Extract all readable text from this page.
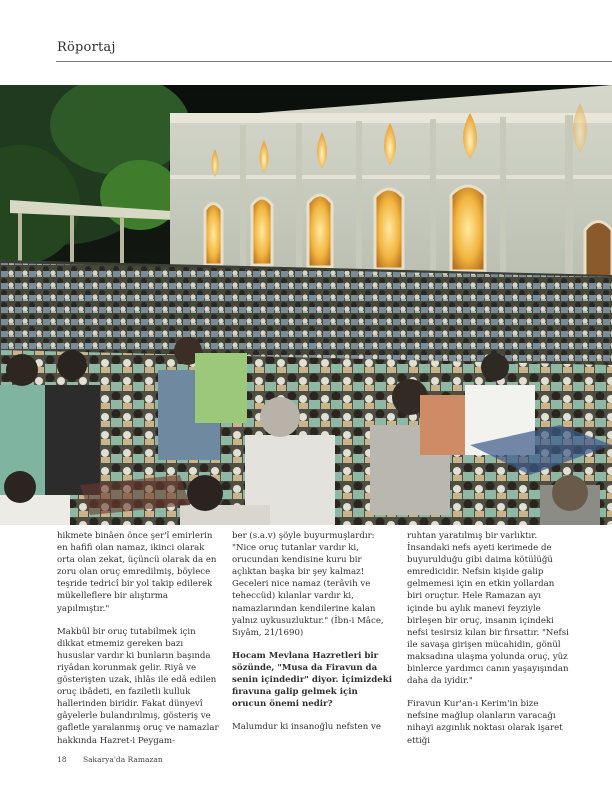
Röportaj

hikmete binâen önce şer'î emirlerin en hafifi olan namaz, ikinci olarak orta olan zekat, üçüncü olarak da en zoru olan oruç emredilmiş, böylece teşride tedricî bir yol takip edilerek mükelleflere bir alıştırma yapılmıştır."

Makbûl bir oruç tutabilmek için dikkat etmemiz gereken bazı hususlar vardır ki bunların başında riyâdan korunmak gelir. Riyâ ve gösterişten uzak, ihlâs ile edâ edilen oruç ibâdeti, en faziletli kulluk hallerinden biridir. Fakat dünyevî gâyelerle bulandırılmış, gösteriş ve gafletle yaralanmış oruç ve namazlar hakkında Hazret-i Peygam-

ber (s.a.v) şöyle buyurmuşlardır: "Nice oruç tutanlar vardır ki, orucundan kendisine kuru bir açlıktan başka bir şey kalmaz! Geceleri nice namaz (terâvih ve teheccüd) kılanlar vardır ki, namazlarından kendilerine kalan yalnız uykusuzluktur." (İbn-i Mâce, Sıyâm, 21/1690)

Hocam Mevlana Hazretleri bir sözünde, "Musa da Firavun da senin içindedir" diyor. İçimizdeki firavuna galip gelmek için orucun önemi nedir?

Malumdur ki insanoğlu nefsten ve

ruhtan yaratılmış bir varlıktır. İnsandaki nefs ayeti kerimede de buyurulduğu gibi daima kötülüğü emredicidir. Nefsin kişide galip gelmemesi için en etkin yollardan biri oruçtur. Hele Ramazan ayı içinde bu aylık manevi feyziyle birleşen bir oruç, insanın içindeki nefsi tesirsiz kılan bir fırsattır. "Nefsi ile savaşa girişen mücahidin, gönül maksadına ulaşma yolunda oruç, yüz binlerce yardımcı canın yaşayışından daha da iyidir."

Firavun Kur'an-ı Kerim'in bize nefsine mağlup olanların varacağı nihayi azgınlık noktası olarak işaret ettiği

18 Sakarya'da Ramazan
